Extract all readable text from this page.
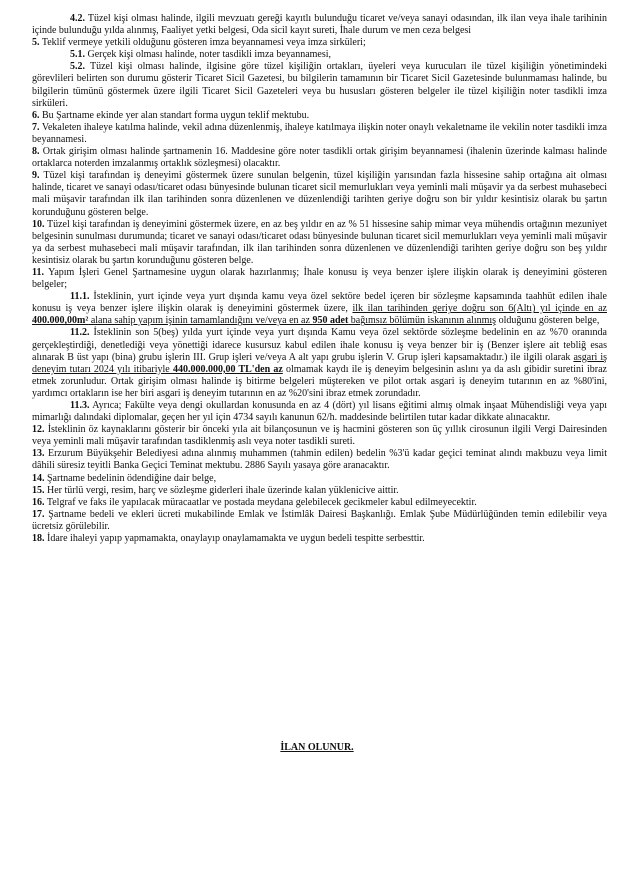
4.2. Tüzel kişi olması halinde, ilgili mevzuatı gereği kayıtlı bulunduğu ticaret ve/veya sanayi odasından, ilk ilan veya ihale tarihinin içinde bulunduğu yılda alınmış, Faaliyet yetki belgesi, Oda sicil kayıt sureti, İhale durum ve men ceza belgesi

5. Teklif vermeye yetkili olduğunu gösteren imza beyannamesi veya imza sirküleri;

5.1. Gerçek kişi olması halinde, noter tasdikli imza beyannamesi,

5.2. Tüzel kişi olması halinde, ilgisine göre tüzel kişiliğin ortakları, üyeleri veya kurucuları ile tüzel kişiliğin yönetimindeki görevlileri belirten son durumu gösterir Ticaret Sicil Gazetesi, bu bilgilerin tamamının bir Ticaret Sicil Gazetesinde bulunmaması halinde, bu bilgilerin tümünü göstermek üzere ilgili Ticaret Sicil Gazeteleri veya bu hususları gösteren belgeler ile tüzel kişiliğin noter tasdikli imza sirküleri.

6. Bu Şartname ekinde yer alan standart forma uygun teklif mektubu.

7. Vekaleten ihaleye katılma halinde, vekil adına düzenlenmiş, ihaleye katılmaya ilişkin noter onaylı vekaletname ile vekilin noter tasdikli imza beyannamesi.

8. Ortak girişim olması halinde şartnamenin 16. Maddesine göre noter tasdikli ortak girişim beyannamesi (ihalenin üzerinde kalması halinde ortaklarca noterden imzalanmış ortaklık sözleşmesi) olacaktır.

9. Tüzel kişi tarafından iş deneyimi göstermek üzere sunulan belgenin, tüzel kişiliğin yarısından fazla hissesine sahip ortağına ait olması halinde, ticaret ve sanayi odası/ticaret odası bünyesinde bulunan ticaret sicil memurlukları veya yeminli mali müşavir ya da serbest muhasebeci mali müşavir tarafından ilk ilan tarihinden sonra düzenlenen ve düzenlendiği tarihten geriye doğru son bir yıldır kesintisiz olarak bu şartın korunduğunu gösteren belge.

10. Tüzel kişi tarafından iş deneyimini göstermek üzere, en az beş yıldır en az % 51 hissesine sahip mimar veya mühendis ortağının mezuniyet belgesinin sunulması durumunda; ticaret ve sanayi odası/ticaret odası bünyesinde bulunan ticaret sicil memurlukları veya yeminli mali müşavir ya da serbest muhasebeci mali müşavir tarafından, ilk ilan tarihinden sonra düzenlenen ve düzenlendiği tarihten geriye doğru son beş yıldır kesintisiz olarak bu şartın korunduğunu gösteren belge.

11. Yapım İşleri Genel Şartnamesine uygun olarak hazırlanmış; İhale konusu iş veya benzer işlere ilişkin olarak iş deneyimini gösteren belgeler;

11.1. İsteklinin, yurt içinde veya yurt dışında kamu veya özel sektöre bedel içeren bir sözleşme kapsamında taahhüt edilen ihale konusu iş veya benzer işlere ilişkin olarak iş deneyimini göstermek üzere, ilk ilan tarihinden geriye doğru son 6(Altı) yıl içinde en az 400.000,00m² alana sahip yapım işinin tamamlandığını ve/veya en az 950 adet bağımsız bölümün iskanının alınmış olduğunu gösteren belge,

11.2. İsteklinin son 5(beş) yılda yurt içinde veya yurt dışında Kamu veya özel sektörde sözleşme bedelinin en az %70 oranında gerçekleştirdiği, denetlediği veya yönettiği idarece kusursuz kabul edilen ihale konusu iş veya benzer bir iş (Benzer işlere ait tebliğ esas alınarak B üst yapı (bina) grubu işlerin III. Grup işleri ve/veya A alt yapı grubu işlerin V. Grup işleri kapsamaktadır.) ile ilgili olarak asgari iş deneyim tutarı 2024 yılı itibariyle 440.000.000,00 TL'den az olmamak kaydı ile iş deneyim belgesinin aslını ya da aslı gibidir suretini ibraz etmek zorunludur. Ortak girişim olması halinde iş bitirme belgeleri müştereken ve pilot ortak asgari iş deneyim tutarının en az %80'ini, yardımcı ortakların ise her biri asgari iş deneyim tutarının en az %20'sini ibraz etmek zorundadır.

11.3. Ayrıca; Fakülte veya dengi okullardan konusunda en az 4 (dört) yıl lisans eğitimi almış olmak inşaat Mühendisliği veya yapı mimarlığı dalındaki diplomalar, geçen her yıl için 4734 sayılı kanunun 62/h. maddesinde belirtilen tutar kadar dikkate alınacaktır.

12. İsteklinin öz kaynaklarını gösterir bir önceki yıla ait bilançosunun ve iş hacmini gösteren son üç yıllık cirosunun ilgili Vergi Dairesinden veya yeminli mali müşavir tarafından tasdiklenmiş aslı veya noter tasdikli sureti.

13. Erzurum Büyükşehir Belediyesi adına alınmış muhammen (tahmin edilen) bedelin %3'ü kadar geçici teminat alındı makbuzu veya limit dâhili süresiz teyitli Banka Geçici Teminat mektubu. 2886 Sayılı yasaya göre aranacaktır.

14. Şartname bedelinin ödendiğine dair belge,

15. Her türlü vergi, resim, harç ve sözleşme giderleri ihale üzerinde kalan yüklenicive aittir.

16. Telgraf ve faks ile yapılacak müracaatlar ve postada meydana gelebilecek gecikmeler kabul edilmeyecektir.

17. Şartname bedeli ve ekleri ücreti mukabilinde Emlak ve İstimlâk Dairesi Başkanlığı. Emlak Şube Müdürlüğünden temin edilebilir veya ücretsiz görülebilir.

18. İdare ihaleyi yapıp yapmamakta, onaylayıp onaylamamakta ve uygun bedeli tespitte serbesttir.

İLAN OLUNUR.
